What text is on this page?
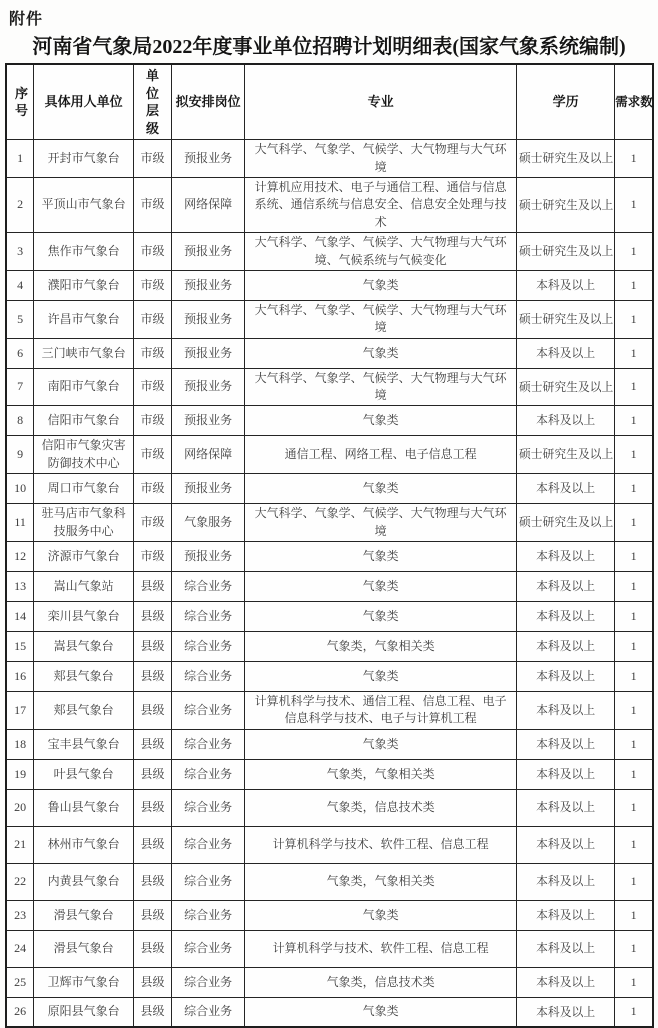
附件
河南省气象局2022年度事业单位招聘计划明细表(国家气象系统编制)
序号	具体用人单位	单位层级	拟安排岗位	专业	学历	需求数
1	开封市气象台	市级	预报业务	大气科学、气象学、气候学、大气物理与大气环境	硕士研究生及以上	1
2	平顶山市气象台	市级	网络保障	计算机应用技术、电子与通信工程、通信与信息系统、通信系统与信息安全、信息安全处理与技术	硕士研究生及以上	1
3	焦作市气象台	市级	预报业务	大气科学、气象学、气候学、大气物理与大气环境、气候系统与气候变化	硕士研究生及以上	1
4	濮阳市气象台	市级	预报业务	气象类	本科及以上	1
5	许昌市气象台	市级	预报业务	大气科学、气象学、气候学、大气物理与大气环境	硕士研究生及以上	1
6	三门峡市气象台	市级	预报业务	气象类	本科及以上	1
7	南阳市气象台	市级	预报业务	大气科学、气象学、气候学、大气物理与大气环境	硕士研究生及以上	1
8	信阳市气象台	市级	预报业务	气象类	本科及以上	1
9	信阳市气象灾害防御技术中心	市级	网络保障	通信工程、网络工程、电子信息工程	硕士研究生及以上	1
10	周口市气象台	市级	预报业务	气象类	本科及以上	1
11	驻马店市气象科技服务中心	市级	气象服务	大气科学、气象学、气候学、大气物理与大气环境	硕士研究生及以上	1
12	济源市气象台	市级	预报业务	气象类	本科及以上	1
13	嵩山气象站	县级	综合业务	气象类	本科及以上	1
14	栾川县气象台	县级	综合业务	气象类	本科及以上	1
15	嵩县气象台	县级	综合业务	气象类，气象相关类	本科及以上	1
16	郏县气象台	县级	综合业务	气象类	本科及以上	1
17	郏县气象台	县级	综合业务	计算机科学与技术、通信工程、信息工程、电子信息科学与技术、电子与计算机工程	本科及以上	1
18	宝丰县气象台	县级	综合业务	气象类	本科及以上	1
19	叶县气象台	县级	综合业务	气象类，气象相关类	本科及以上	1
20	鲁山县气象台	县级	综合业务	气象类，信息技术类	本科及以上	1
21	林州市气象台	县级	综合业务	计算机科学与技术、软件工程、信息工程	本科及以上	1
22	内黄县气象台	县级	综合业务	气象类，气象相关类	本科及以上	1
23	滑县气象台	县级	综合业务	气象类	本科及以上	1
24	滑县气象台	县级	综合业务	计算机科学与技术、软件工程、信息工程	本科及以上	1
25	卫辉市气象台	县级	综合业务	气象类，信息技术类	本科及以上	1
26	原阳县气象台	县级	综合业务	气象类	本科及以上	1
